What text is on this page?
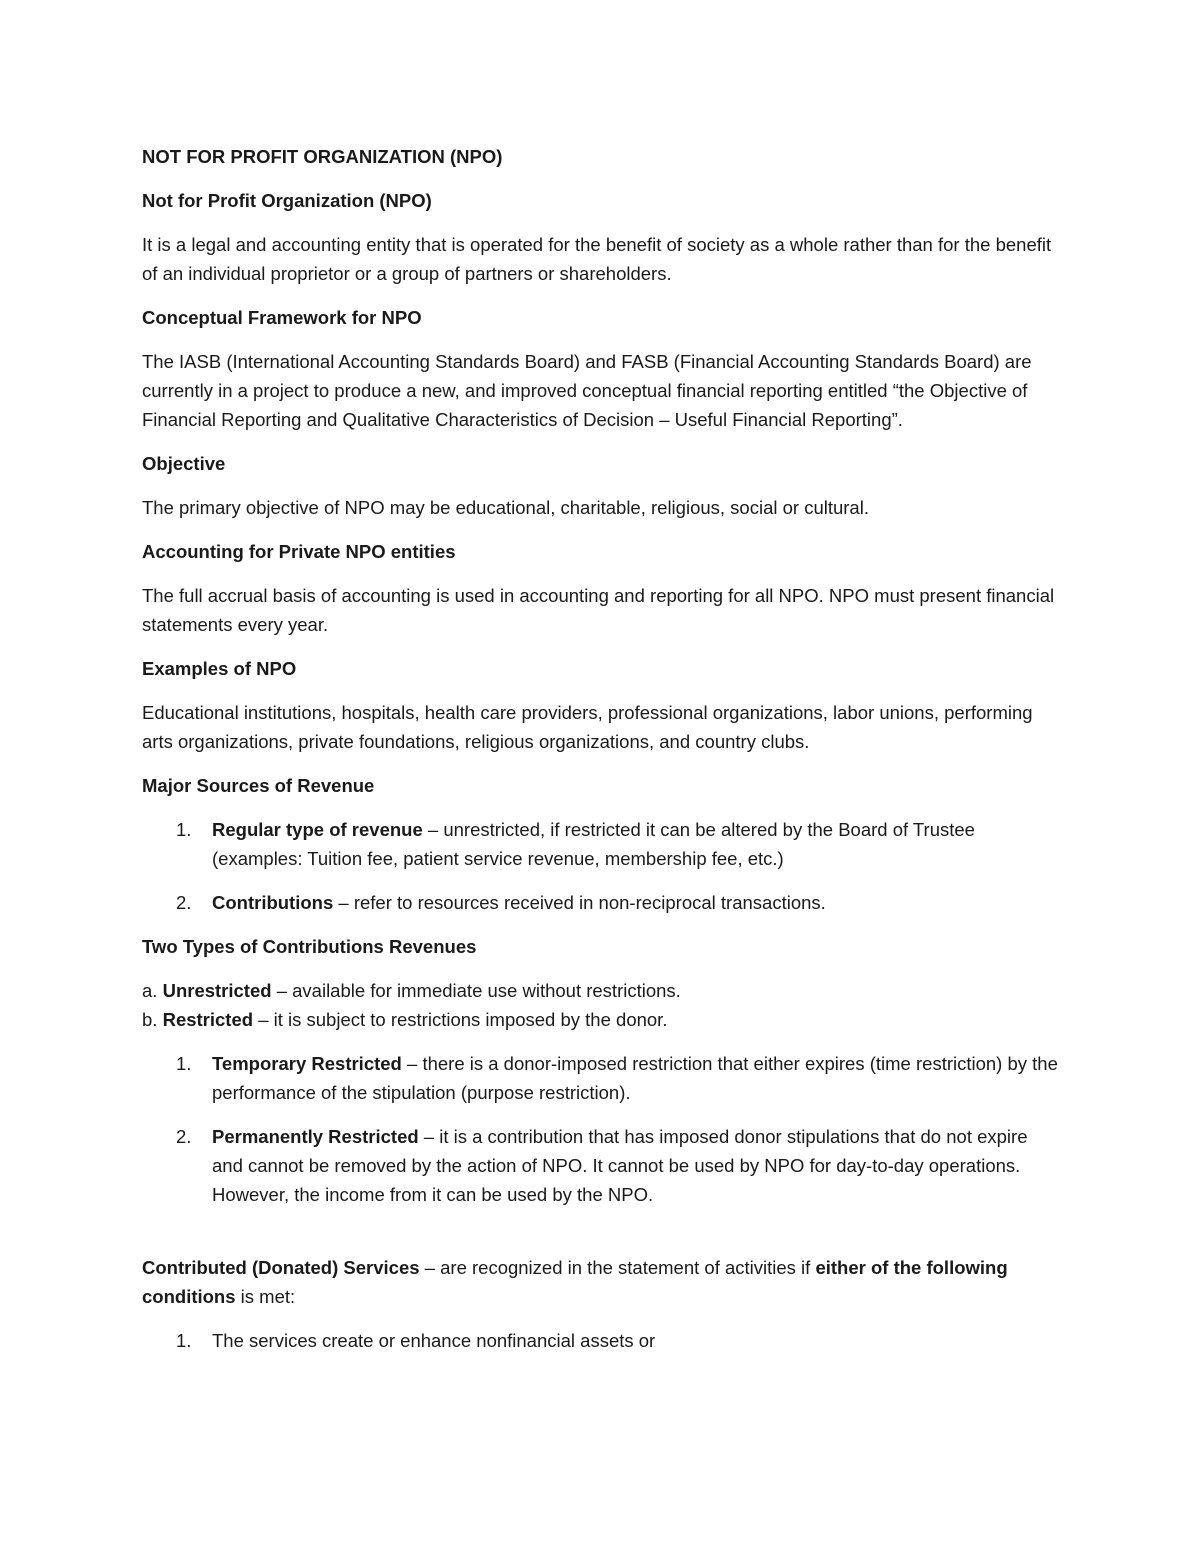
NOT FOR PROFIT ORGANIZATION (NPO)

Not for Profit Organization (NPO)

It is a legal and accounting entity that is operated for the benefit of society as a whole rather than for the benefit of an individual proprietor or a group of partners or shareholders.

Conceptual Framework for NPO

The IASB (International Accounting Standards Board) and FASB (Financial Accounting Standards Board) are currently in a project to produce a new, and improved conceptual financial reporting entitled “the Objective of Financial Reporting and Qualitative Characteristics of Decision – Useful Financial Reporting”.

Objective

The primary objective of NPO may be educational, charitable, religious, social or cultural.

Accounting for Private NPO entities

The full accrual basis of accounting is used in accounting and reporting for all NPO. NPO must present financial statements every year.

Examples of NPO

Educational institutions, hospitals, health care providers, professional organizations, labor unions, performing arts organizations, private foundations, religious organizations, and country clubs.

Major Sources of Revenue

1. Regular type of revenue – unrestricted, if restricted it can be altered by the Board of Trustee (examples: Tuition fee, patient service revenue, membership fee, etc.)
2. Contributions – refer to resources received in non-reciprocal transactions.

Two Types of Contributions Revenues

a. Unrestricted – available for immediate use without restrictions.
b. Restricted – it is subject to restrictions imposed by the donor.
1. Temporary Restricted – there is a donor-imposed restriction that either expires (time restriction) by the performance of the stipulation (purpose restriction).
2. Permanently Restricted – it is a contribution that has imposed donor stipulations that do not expire and cannot be removed by the action of NPO. It cannot be used by NPO for day-to-day operations. However, the income from it can be used by the NPO.

Contributed (Donated) Services – are recognized in the statement of activities if either of the following conditions is met:

1. The services create or enhance nonfinancial assets or
